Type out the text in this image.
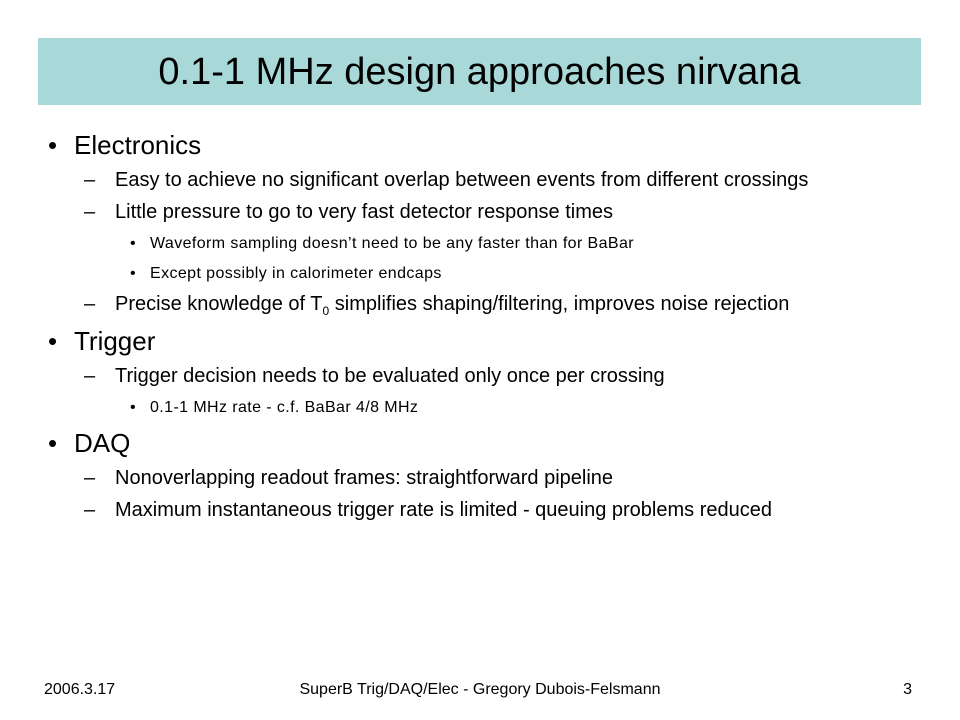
0.1-1 MHz design approaches nirvana
• Electronics
– Easy to achieve no significant overlap between events from different crossings
– Little pressure to go to very fast detector response times
• Waveform sampling doesn’t need to be any faster than for BaBar
• Except possibly in calorimeter endcaps
– Precise knowledge of $T_0$ simplifies shaping/filtering, improves noise rejection
• Trigger
– Trigger decision needs to be evaluated only once per crossing
• 0.1-1 MHz rate - c.f. BaBar 4/8 MHz
• DAQ
– Nonoverlapping readout frames: straightforward pipeline
– Maximum instantaneous trigger rate is limited - queuing problems reduced
SuperB Trig/DAQ/Elec - Gregory Dubois-Felsmann
2006.3.17	3
